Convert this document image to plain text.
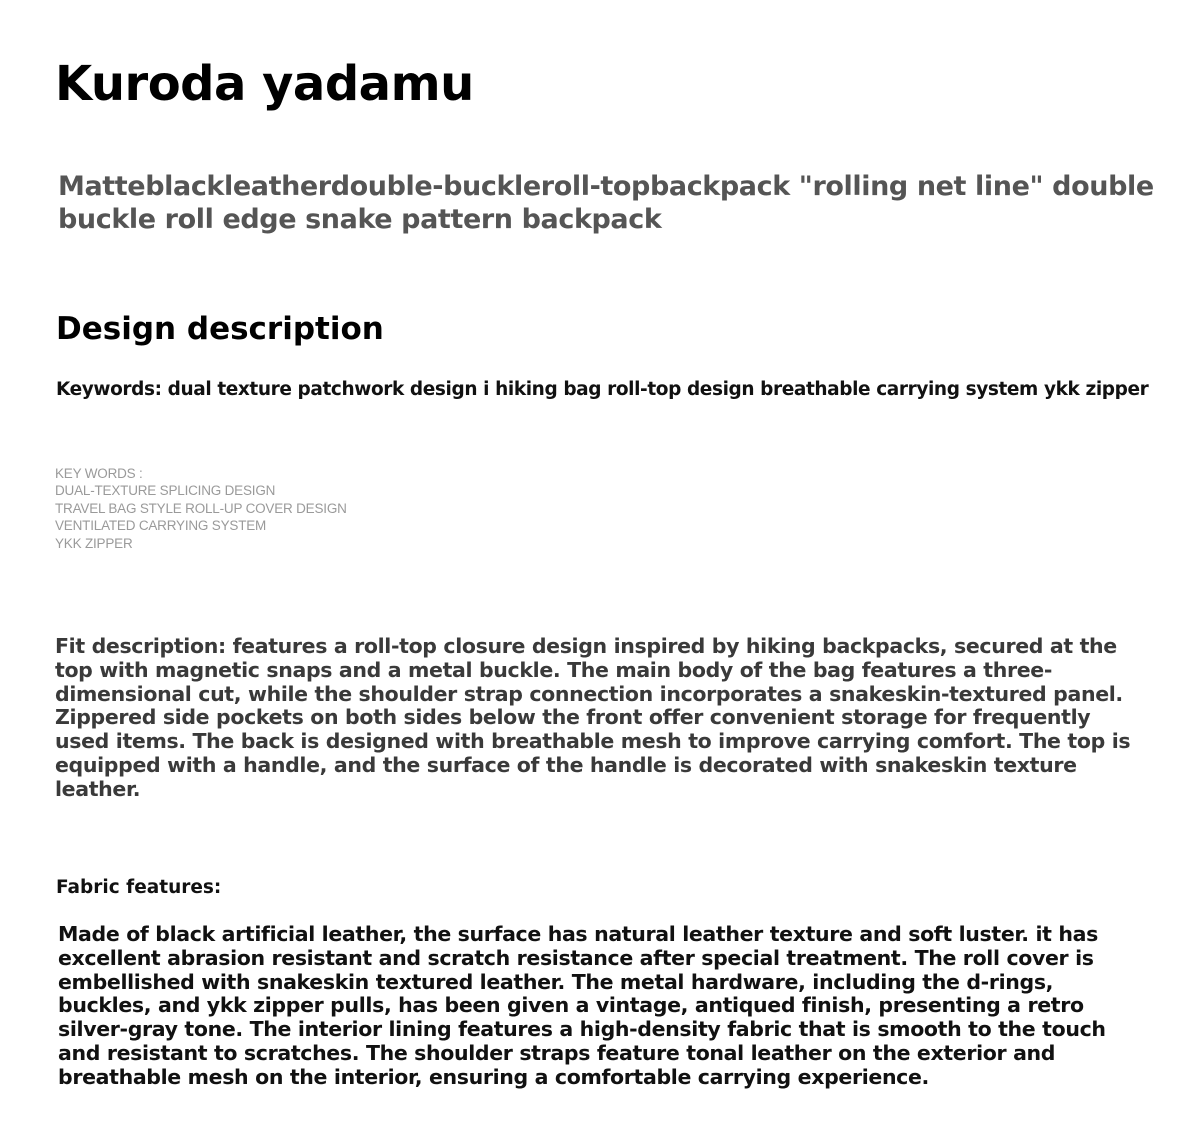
Kuroda yadamu
Matteblackleatherdouble-buckleroll-topbackpack "rolling net line" double buckle roll edge snake pattern backpack
Design description

Keywords: dual texture patchwork design i hiking bag roll-top design breathable carrying system ykk zipper

KEY WORDS :
DUAL-TEXTURE SPLICING DESIGN
TRAVEL BAG STYLE ROLL-UP COVER DESIGN
VENTILATED CARRYING SYSTEM
YKK ZIPPER

Fit description: features a roll-top closure design inspired by hiking backpacks, secured at the top with magnetic snaps and a metal buckle. The main body of the bag features a three-dimensional cut, while the shoulder strap connection incorporates a snakeskin-textured panel. Zippered side pockets on both sides below the front offer convenient storage for frequently used items. The back is designed with breathable mesh to improve carrying comfort. The top is equipped with a handle, and the surface of the handle is decorated with snakeskin texture leather.

Fabric features:

Made of black artificial leather, the surface has natural leather texture and soft luster. it has excellent abrasion resistant and scratch resistance after special treatment. The roll cover is embellished with snakeskin textured leather. The metal hardware, including the d-rings, buckles, and ykk zipper pulls, has been given a vintage, antiqued finish, presenting a retro silver-gray tone. The interior lining features a high-density fabric that is smooth to the touch and resistant to scratches. The shoulder straps feature tonal leather on the exterior and breathable mesh on the interior, ensuring a comfortable carrying experience.
